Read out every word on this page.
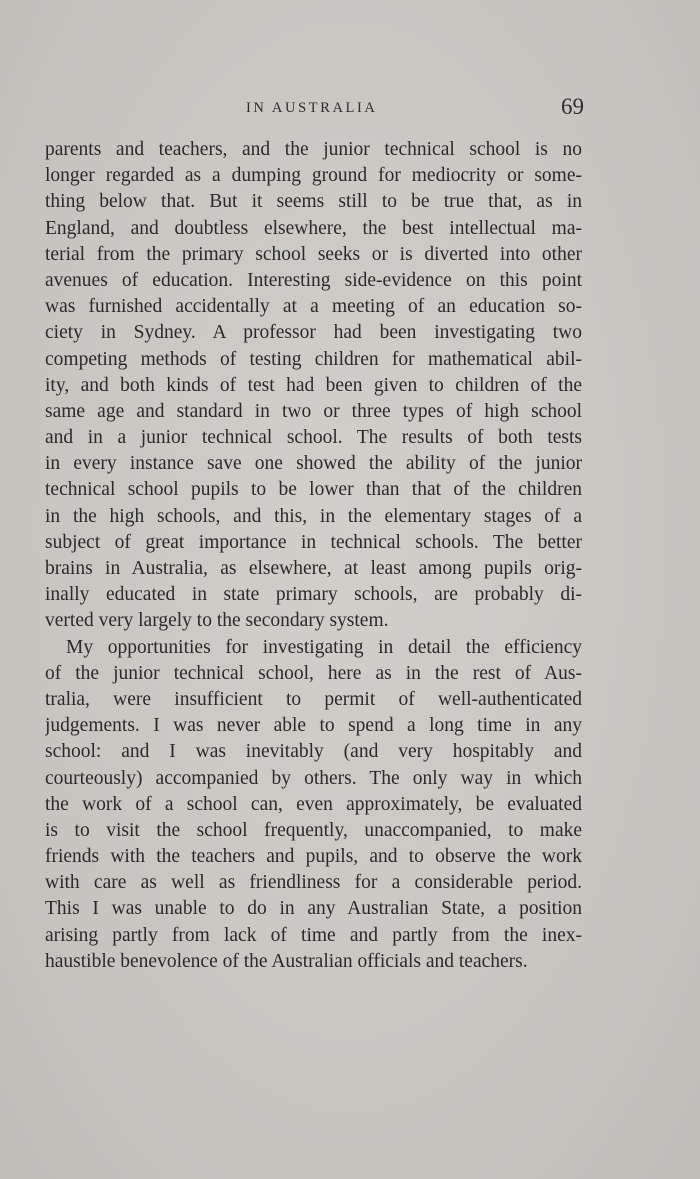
IN AUSTRALIA	69
parents and teachers, and the junior technical school is no
longer regarded as a dumping ground for mediocrity or some-
thing below that. But it seems still to be true that, as in
England, and doubtless elsewhere, the best intellectual ma-
terial from the primary school seeks or is diverted into other
avenues of education. Interesting side-evidence on this point
was furnished accidentally at a meeting of an education so-
ciety in Sydney. A professor had been investigating two
competing methods of testing children for mathematical abil-
ity, and both kinds of test had been given to children of the
same age and standard in two or three types of high school
and in a junior technical school. The results of both tests
in every instance save one showed the ability of the junior
technical school pupils to be lower than that of the children
in the high schools, and this, in the elementary stages of a
subject of great importance in technical schools. The better
brains in Australia, as elsewhere, at least among pupils orig-
inally educated in state primary schools, are probably di-
verted very largely to the secondary system.
My opportunities for investigating in detail the efficiency
of the junior technical school, here as in the rest of Aus-
tralia, were insufficient to permit of well-authenticated
judgements. I was never able to spend a long time in any
school: and I was inevitably (and very hospitably and
courteously) accompanied by others. The only way in which
the work of a school can, even approximately, be evaluated
is to visit the school frequently, unaccompanied, to make
friends with the teachers and pupils, and to observe the work
with care as well as friendliness for a considerable period.
This I was unable to do in any Australian State, a position
arising partly from lack of time and partly from the inex-
haustible benevolence of the Australian officials and teachers.
